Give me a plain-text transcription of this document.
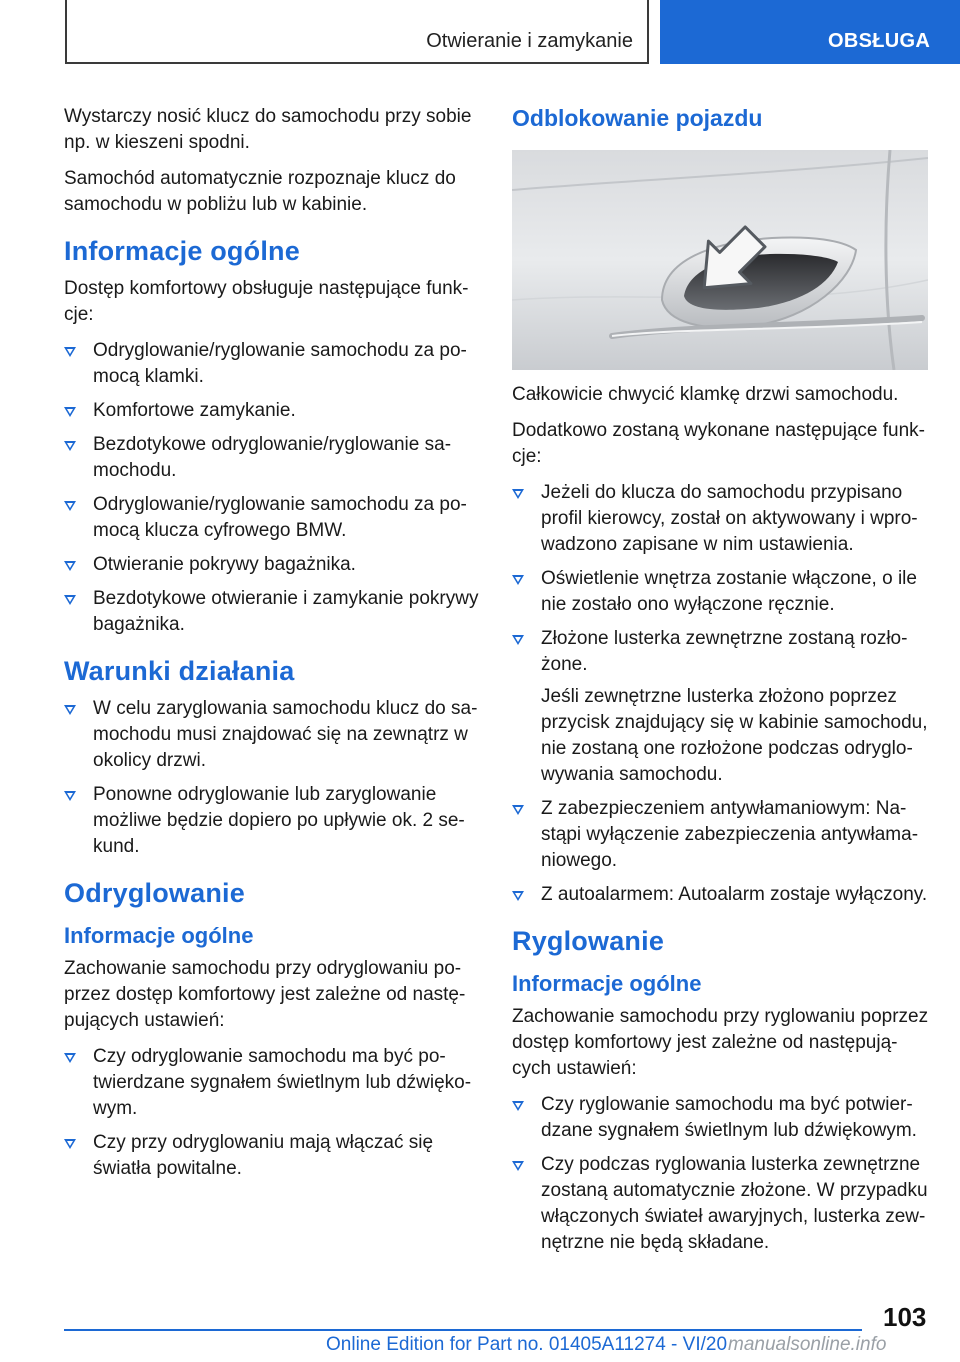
Otwieranie i zamykanie	OBSŁUGA

Wystarczy nosić klucz do samochodu przy sobie np. w kieszeni spodni.

Samochód automatycznie rozpoznaje klucz do samochodu w pobliżu lub w kabinie.

Informacje ogólne

Dostęp komfortowy obsługuje następujące funk‐cje:

Odryglowanie/ryglowanie samochodu za po‐mocą klamki.
Komfortowe zamykanie.
Bezdotykowe odryglowanie/ryglowanie sa‐mochodu.
Odryglowanie/ryglowanie samochodu za po‐mocą klucza cyfrowego BMW.
Otwieranie pokrywy bagażnika.
Bezdotykowe otwieranie i zamykanie pokrywy bagażnika.
Warunki działania
W celu zaryglowania samochodu klucz do sa‐mochodu musi znajdować się na zewnątrz w okolicy drzwi.
Ponowne odryglowanie lub zaryglowanie możliwe będzie dopiero po upływie ok. 2 se‐kund.
Odryglowanie
Informacje ogólne

Zachowanie samochodu przy odryglowaniu po‐przez dostęp komfortowy jest zależne od nastę‐pujących ustawień:

Czy odryglowanie samochodu ma być po‐twierdzane sygnałem świetlnym lub dźwięko‐wym.
Czy przy odryglowaniu mają włączać się światła powitalne.
Odblokowanie pojazdu

Całkowicie chwycić klamkę drzwi samochodu.

Dodatkowo zostaną wykonane następujące funk‐cje:

Jeżeli do klucza do samochodu przypisano profil kierowcy, został on aktywowany i wpro‐wadzono zapisane w nim ustawienia.
Oświetlenie wnętrza zostanie włączone, o ile nie zostało ono wyłączone ręcznie.
Złożone lusterka zewnętrzne zostaną rozło‐żone.

Jeśli zewnętrzne lusterka złożono poprzez przycisk znajdujący się w kabinie samochodu, nie zostaną one rozłożone podczas odryglo‐wywania samochodu.

Z zabezpieczeniem antywłamaniowym: Na‐stąpi wyłączenie zabezpieczenia antywłama‐niowego.
Z autoalarmem: Autoalarm zostaje wyłączony.
Ryglowanie
Informacje ogólne

Zachowanie samochodu przy ryglowaniu poprzez dostęp komfortowy jest zależne od następują‐cych ustawień:

Czy ryglowanie samochodu ma być potwier‐dzane sygnałem świetlnym lub dźwiękowym.
Czy podczas ryglowania lusterka zewnętrzne zostaną automatycznie złożone. W przypadku włączonych świateł awaryjnych, lusterka zew‐nętrzne nie będą składane.
103
Online Edition for Part no. 01405A11274 - VI/20 manualsonline.info
